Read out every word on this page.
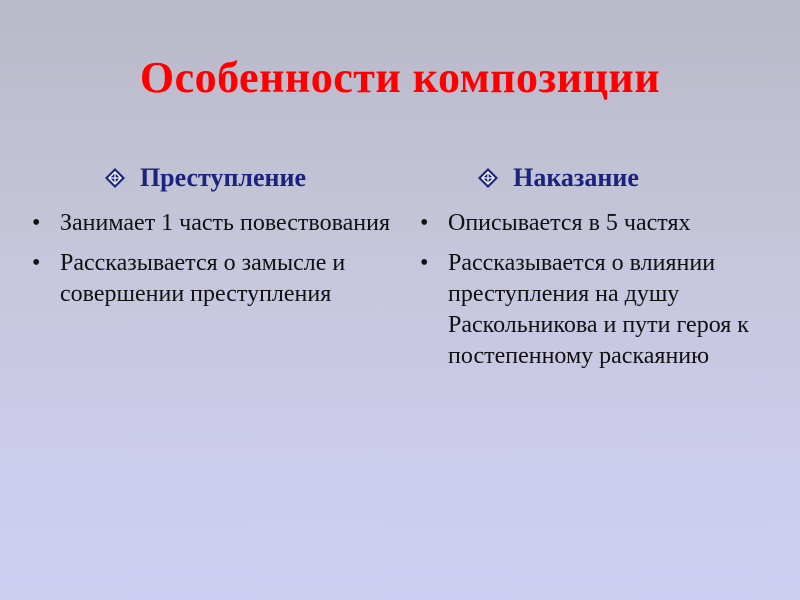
Особенности композиции
Преступление
• Занимает 1 часть повествования
• Рассказывается о замысле и совершении преступления
Наказание
• Описывается в 5 частях
• Рассказывается о влиянии преступления на душу Раскольникова и пути героя к постепенному раскаянию
